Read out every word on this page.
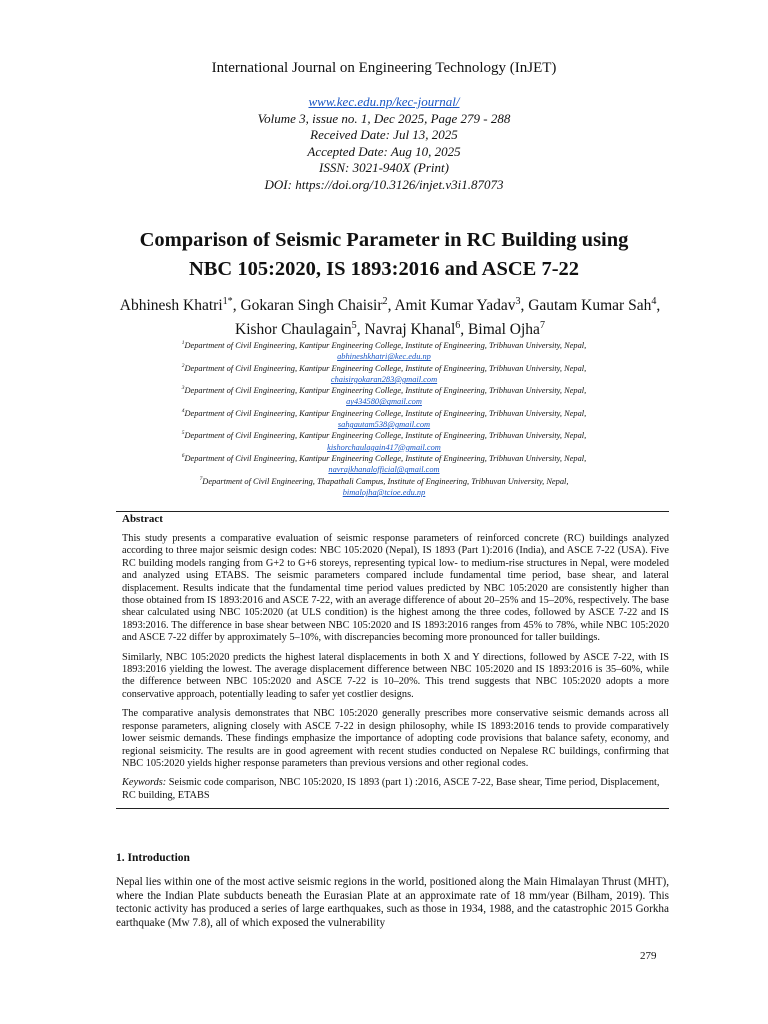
International Journal on Engineering Technology (InJET)
www.kec.edu.np/kec-journal/
Volume 3, issue no. 1, Dec 2025, Page 279 - 288
Received Date: Jul 13, 2025
Accepted Date: Aug 10, 2025
ISSN: 3021-940X (Print)
DOI: https://doi.org/10.3126/injet.v3i1.87073
Comparison of Seismic Parameter in RC Building using
NBC 105:2020, IS 1893:2016 and ASCE 7-22
Abhinesh Khatri$^{1*}$, Gokaran Singh Chaisir$^2$, Amit Kumar Yadav$^3$, Gautam Kumar Sah$^4$, Kishor Chaulagain$^5$, Navraj Khanal$^6$, Bimal Ojha$^7$
$^1$Department of Civil Engineering, Kantipur Engineering College, Institute of Engineering, Tribhuvan University, Nepal,
abhineshkhatri@kec.edu.np
$^2$Department of Civil Engineering, Kantipur Engineering College, Institute of Engineering, Tribhuvan University, Nepal,
chaisirgokaran283@gmail.com
$^3$Department of Civil Engineering, Kantipur Engineering College, Institute of Engineering, Tribhuvan University, Nepal,
ay434580@gmail.com
$^4$Department of Civil Engineering, Kantipur Engineering College, Institute of Engineering, Tribhuvan University, Nepal,
sahgautam538@gmail.com
$^5$Department of Civil Engineering, Kantipur Engineering College, Institute of Engineering, Tribhuvan University, Nepal,
kishorchaulagain417@gmail.com
$^6$Department of Civil Engineering, Kantipur Engineering College, Institute of Engineering, Tribhuvan University, Nepal,
navrajkhanalofficial@gmail.com
$^7$Department of Civil Engineering, Thapathali Campus, Institute of Engineering, Tribhuvan University, Nepal,
bimalojha@tcioe.edu.np
Abstract

This study presents a comparative evaluation of seismic response parameters of reinforced concrete (RC) buildings analyzed according to three major seismic design codes: NBC 105:2020 (Nepal), IS 1893 (Part 1):2016 (India), and ASCE 7-22 (USA). Five RC building models ranging from G+2 to G+6 storeys, representing typical low- to medium-rise structures in Nepal, were modeled and analyzed using ETABS. The seismic parameters compared include fundamental time period, base shear, and lateral displacement. Results indicate that the fundamental time period values predicted by NBC 105:2020 are consistently higher than those obtained from IS 1893:2016 and ASCE 7-22, with an average difference of about 20–25% and 15–20%, respectively. The base shear calculated using NBC 105:2020 (at ULS condition) is the highest among the three codes, followed by ASCE 7-22 and IS 1893:2016. The difference in base shear between NBC 105:2020 and IS 1893:2016 ranges from 45% to 78%, while NBC 105:2020 and ASCE 7-22 differ by approximately 5–10%, with discrepancies becoming more pronounced for taller buildings.

Similarly, NBC 105:2020 predicts the highest lateral displacements in both X and Y directions, followed by ASCE 7-22, with IS 1893:2016 yielding the lowest. The average displacement difference between NBC 105:2020 and IS 1893:2016 is 35–60%, while the difference between NBC 105:2020 and ASCE 7-22 is 10–20%. This trend suggests that NBC 105:2020 adopts a more conservative approach, potentially leading to safer yet costlier designs.

The comparative analysis demonstrates that NBC 105:2020 generally prescribes more conservative seismic demands across all response parameters, aligning closely with ASCE 7-22 in design philosophy, while IS 1893:2016 tends to provide comparatively lower seismic demands. These findings emphasize the importance of adopting code provisions that balance safety, economy, and regional seismicity. The results are in good agreement with recent studies conducted on Nepalese RC buildings, confirming that NBC 105:2020 yields higher response parameters than previous versions and other regional codes.

Keywords: Seismic code comparison, NBC 105:2020, IS 1893 (part 1) :2016, ASCE 7-22, Base shear, Time period, Displacement, RC building, ETABS

1. Introduction

Nepal lies within one of the most active seismic regions in the world, positioned along the Main Himalayan Thrust (MHT), where the Indian Plate subducts beneath the Eurasian Plate at an approximate rate of 18 mm/year (Bilham, 2019). This tectonic activity has produced a series of large earthquakes, such as those in 1934, 1988, and the catastrophic 2015 Gorkha earthquake (Mw 7.8), all of which exposed the vulnerability

279
